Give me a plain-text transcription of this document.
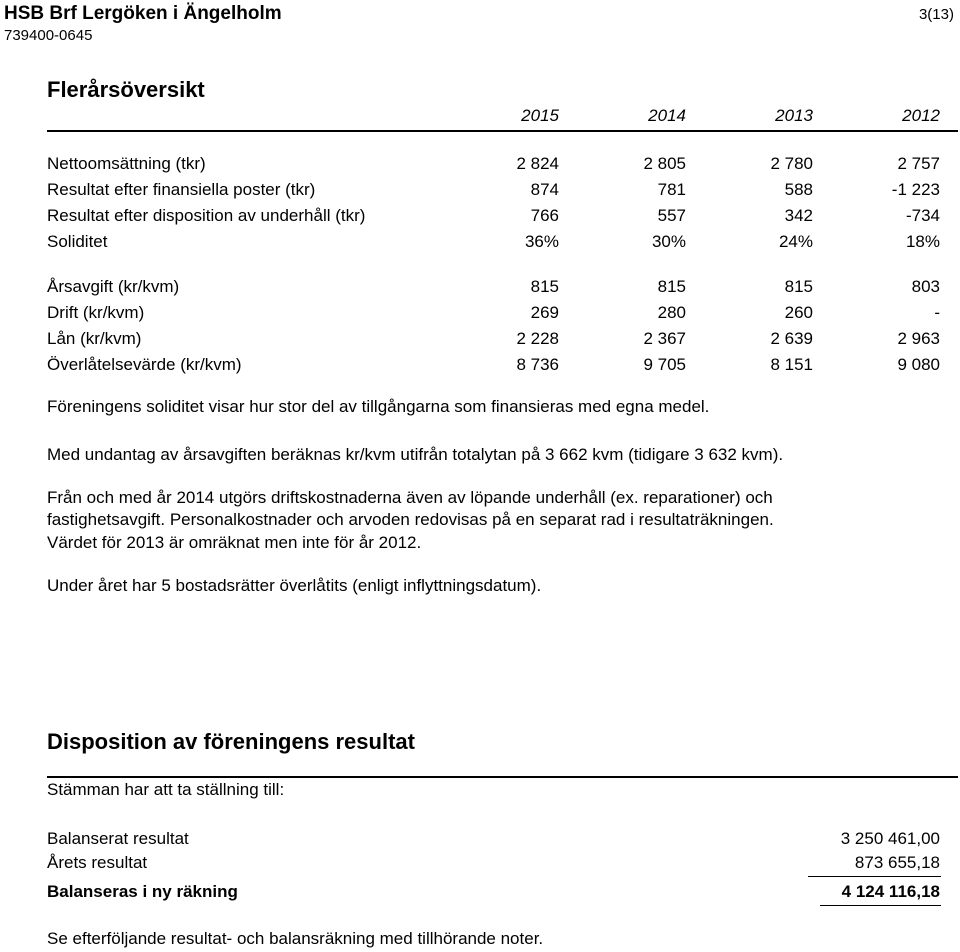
HSB Brf Lergöken i Ängelholm
739400-0645
3(13)
Flerårsöversikt
2015	2014	2013	2012
Nettoomsättning (tkr)	2 824	2 805	2 780	2 757
Resultat efter finansiella poster (tkr)	874	781	588	-1 223
Resultat efter disposition av underhåll (tkr)	766	557	342	-734
Soliditet	36%	30%	24%	18%
Årsavgift (kr/kvm)	815	815	815	803
Drift (kr/kvm)	269	280	260	-
Lån (kr/kvm)	2 228	2 367	2 639	2 963
Överlåtelsevärde (kr/kvm)	8 736	9 705	8 151	9 080
Föreningens soliditet visar hur stor del av tillgångarna som finansieras med egna medel.
Med undantag av årsavgiften beräknas kr/kvm utifrån totalytan på 3 662 kvm (tidigare 3 632 kvm).
Från och med år 2014 utgörs driftskostnaderna även av löpande underhåll (ex. reparationer) och
fastighetsavgift. Personalkostnader och arvoden redovisas på en separat rad i resultaträkningen.
Värdet för 2013 är omräknat men inte för år 2012.
Under året har 5 bostadsrätter överlåtits (enligt inflyttningsdatum).
Disposition av föreningens resultat
Stämman har att ta ställning till:
Balanserat resultat	3 250 461,00
Årets resultat	873 655,18
Balanseras i ny räkning	4 124 116,18
Se efterföljande resultat- och balansräkning med tillhörande noter.
